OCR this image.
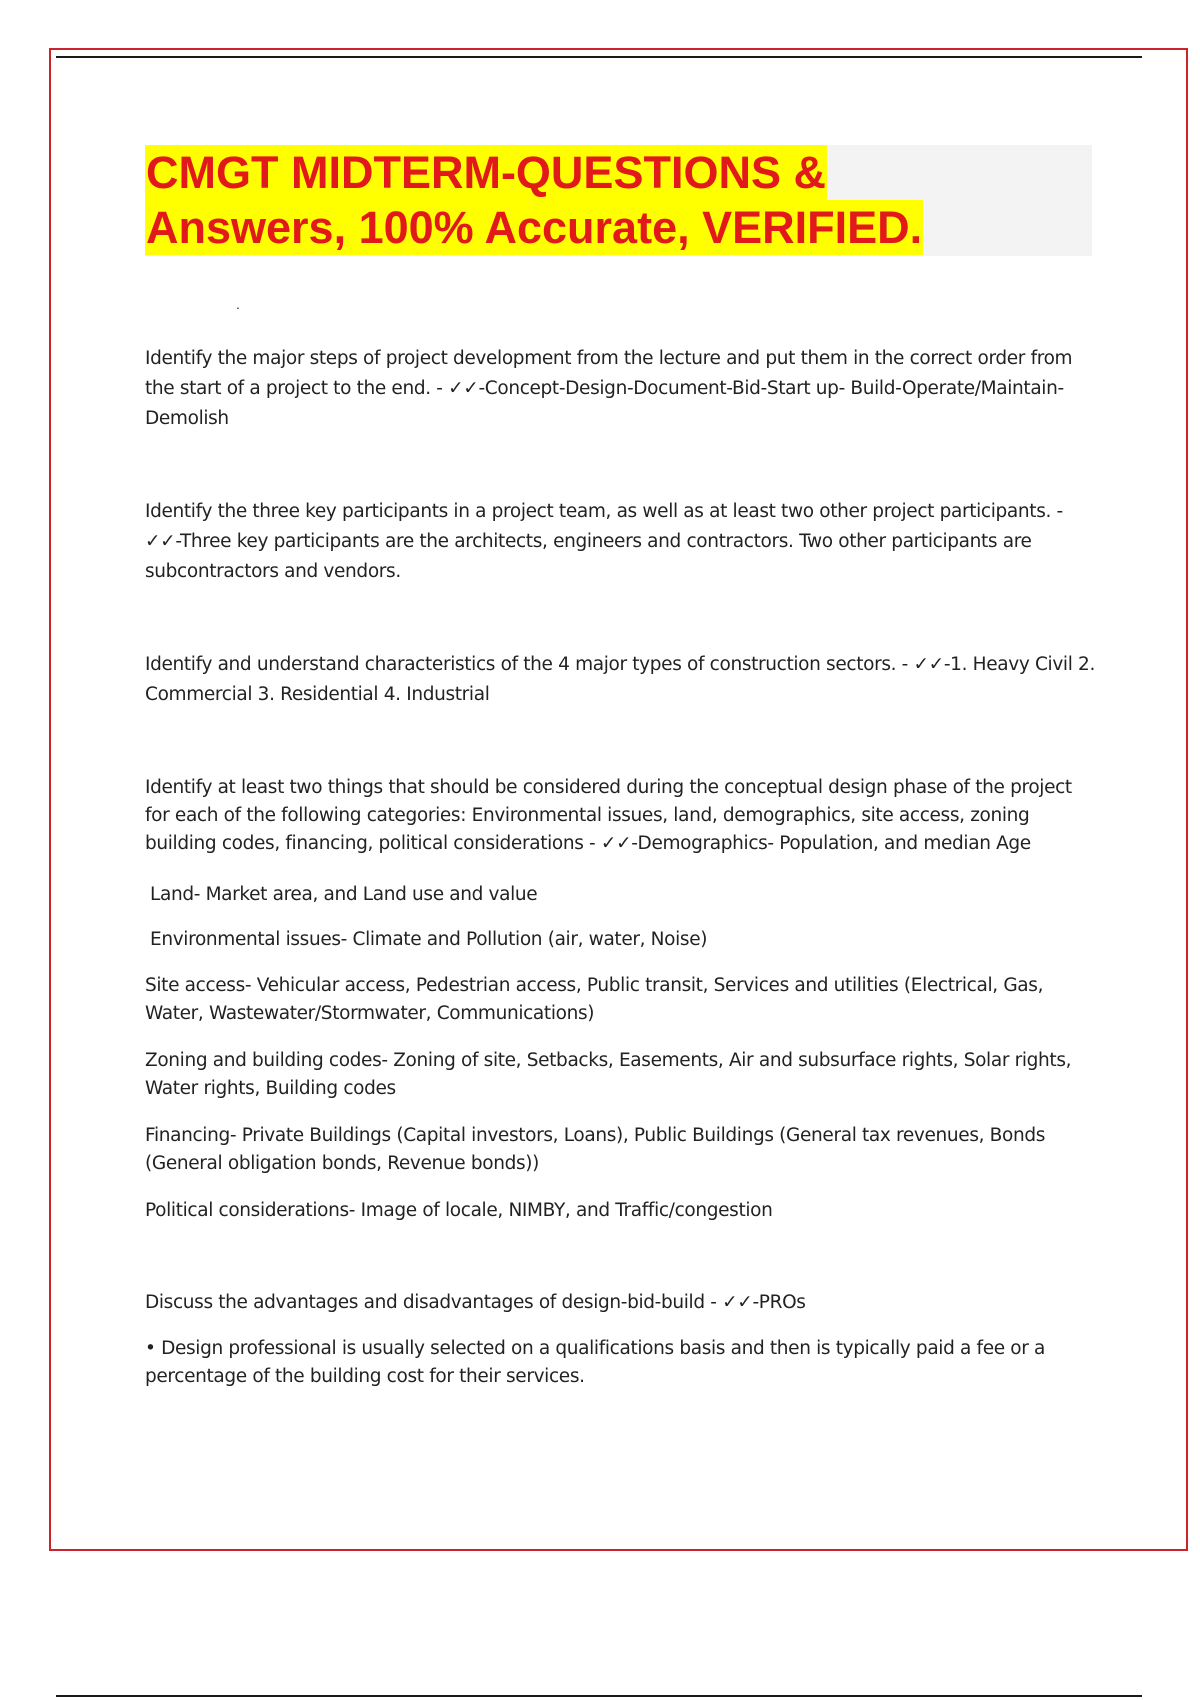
CMGT MIDTERM-QUESTIONS &
Answers, 100% Accurate, VERIFIED.
.

Identify the major steps of project development from the lecture and put them in the correct order from the start of a project to the end. - ✓✓-Concept-Design-Document-Bid-Start up- Build-Operate/Maintain- Demolish

Identify the three key participants in a project team, as well as at least two other project participants. - ✓✓-Three key participants are the architects, engineers and contractors. Two other participants are subcontractors and vendors.

Identify and understand characteristics of the 4 major types of construction sectors. - ✓✓-1. Heavy Civil 2. Commercial 3. Residential 4. Industrial

Identify at least two things that should be considered during the conceptual design phase of the project for each of the following categories: Environmental issues, land, demographics, site access, zoning building codes, financing, political considerations - ✓✓-Demographics- Population, and median Age

Land- Market area, and Land use and value

Environmental issues- Climate and Pollution (air, water, Noise)

Site access- Vehicular access, Pedestrian access, Public transit, Services and utilities (Electrical, Gas, Water, Wastewater/Stormwater, Communications)

Zoning and building codes- Zoning of site, Setbacks, Easements, Air and subsurface rights, Solar rights, Water rights, Building codes

Financing- Private Buildings (Capital investors, Loans), Public Buildings (General tax revenues, Bonds (General obligation bonds, Revenue bonds))

Political considerations- Image of locale, NIMBY, and Traffic/congestion

Discuss the advantages and disadvantages of design-bid-build - ✓✓-PROs

• Design professional is usually selected on a qualifications basis and then is typically paid a fee or a percentage of the building cost for their services.
